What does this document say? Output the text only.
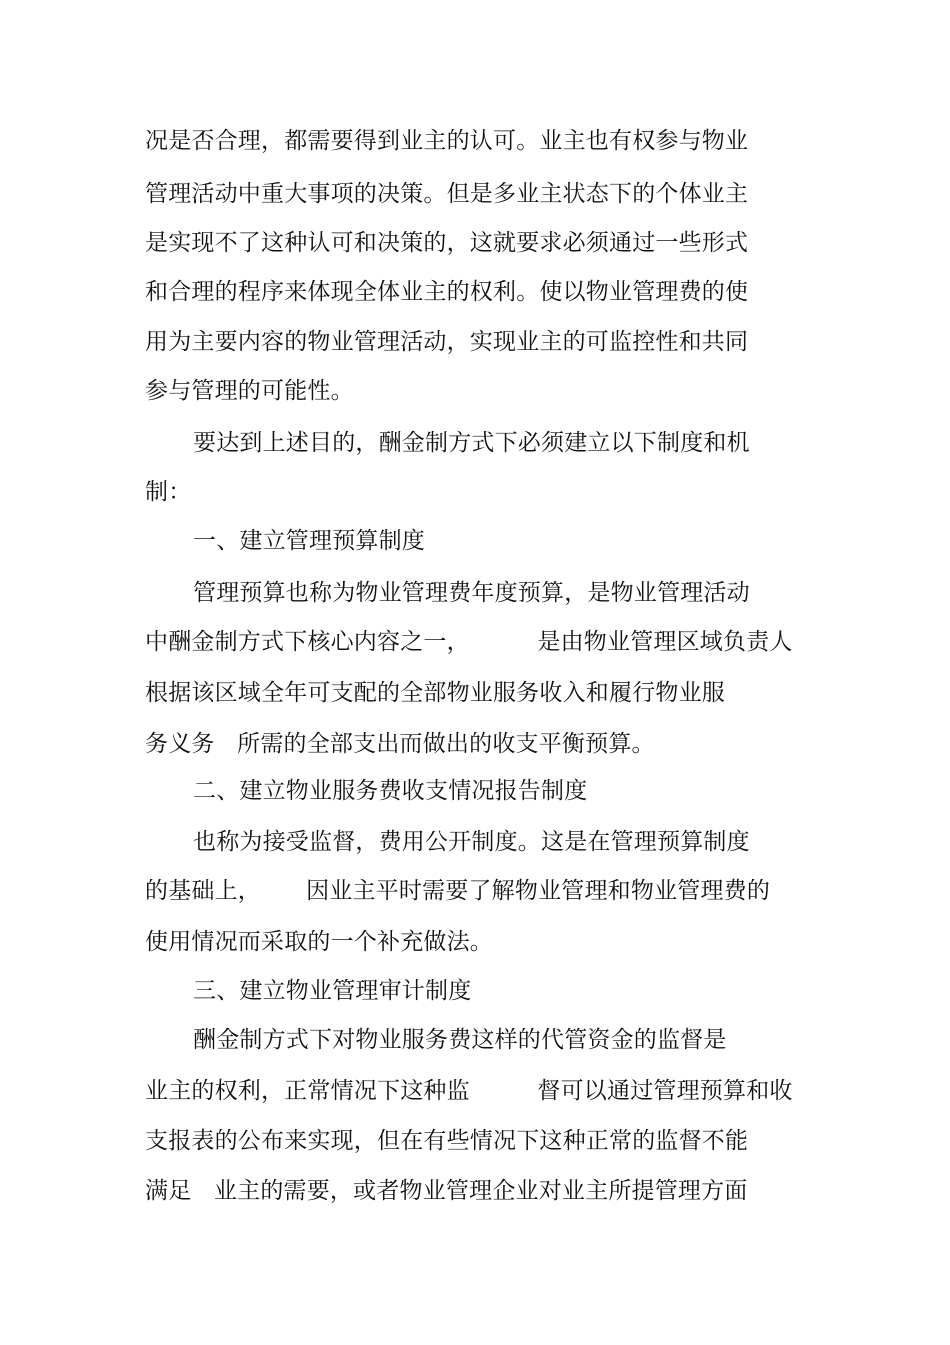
况是否合理，都需要得到业主的认可。业主也有权参与物业
管理活动中重大事项的决策。但是多业主状态下的个体业主
是实现不了这种认可和决策的，这就要求必须通过一些形式
和合理的程序来体现全体业主的权利。使以物业管理费的使
用为主要内容的物业管理活动，实现业主的可监控性和共同
参与管理的可能性。
要达到上述目的，酬金制方式下必须建立以下制度和机
制：
一、建立管理预算制度
管理预算也称为物业管理费年度预算，是物业管理活动
中酬金制方式下核心内容之一，         是由物业管理区域负责人
根据该区域全年可支配的全部物业服务收入和履行物业服
务义务   所需的全部支出而做出的收支平衡预算。
二、建立物业服务费收支情况报告制度
也称为接受监督，费用公开制度。这是在管理预算制度
的基础上，      因业主平时需要了解物业管理和物业管理费的
使用情况而采取的一个补充做法。
三、建立物业管理审计制度
酬金制方式下对物业服务费这样的代管资金的监督是
业主的权利，正常情况下这种监         督可以通过管理预算和收
支报表的公布来实现，但在有些情况下这种正常的监督不能
满足   业主的需要，或者物业管理企业对业主所提管理方面
